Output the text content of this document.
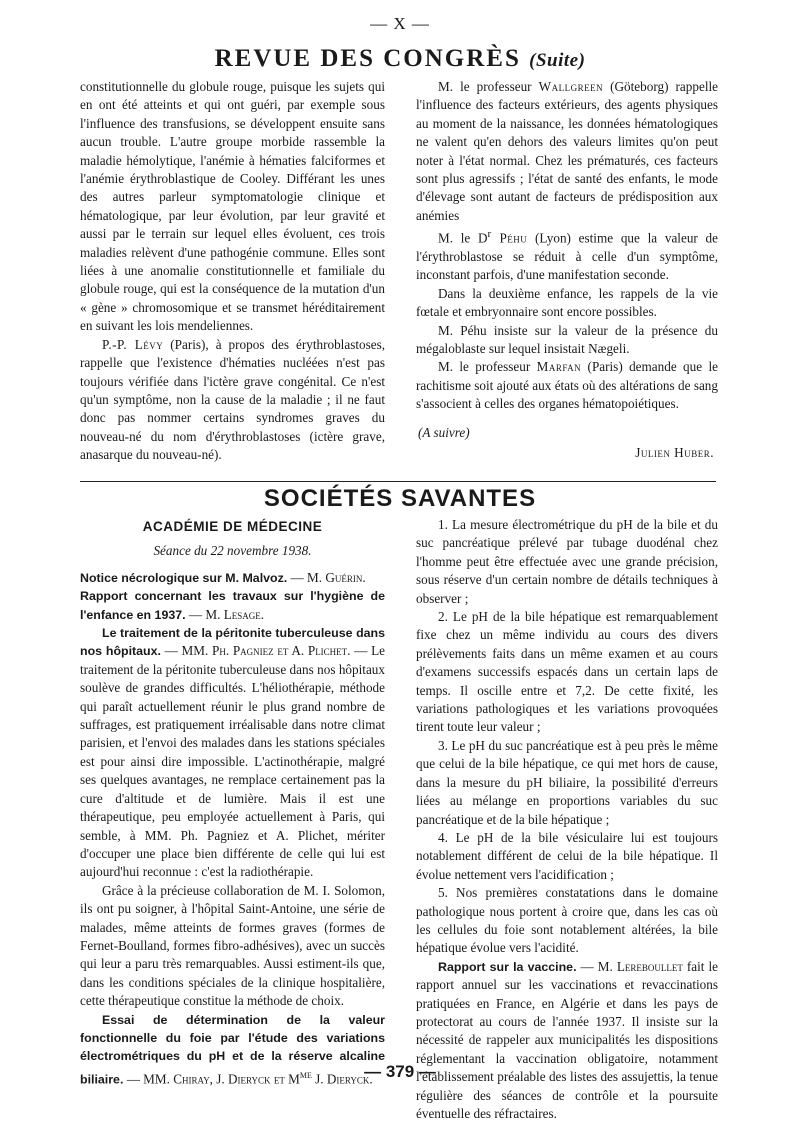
— X —
REVUE DES CONGRÈS (Suite)

constitutionnelle du globule rouge, puisque les sujets qui en ont été atteints et qui ont guéri, par exemple sous l'influence des transfusions, se développent ensuite sans aucun trouble. L'autre groupe morbide rassemble la maladie hémolytique, l'anémie à hématies falciformes et l'anémie érythroblastique de Cooley. Différant les unes des autres parleur symptomatologie clinique et hématologique, par leur évolution, par leur gravité et aussi par le terrain sur lequel elles évoluent, ces trois maladies relèvent d'une pathogénie commune. Elles sont liées à une anomalie constitutionnelle et familiale du globule rouge, qui est la conséquence de la mutation d'un « gène » chromosomique et se transmet héréditairement en suivant les lois mendeliennes.

P.-P. Lévy (Paris), à propos des érythroblastoses, rappelle que l'existence d'hématies nucléées n'est pas toujours vérifiée dans l'ictère grave congénital. Ce n'est qu'un symptôme, non la cause de la maladie ; il ne faut donc pas nommer certains syndromes graves du nouveau-né du nom d'érythroblastoses (ictère grave, anasarque du nouveau-né).

M. le professeur Wallgreen (Göteborg) rappelle l'influence des facteurs extérieurs, des agents physiques au moment de la naissance, les données hématologiques ne valent qu'en dehors des valeurs limites qu'on peut noter à l'état normal. Chez les prématurés, ces facteurs sont plus agressifs ; l'état de santé des enfants, le mode d'élevage sont autant de facteurs de prédisposition aux anémies

M. le $D^r$ Péhu (Lyon) estime que la valeur de l'érythroblastose se réduit à celle d'un symptôme, inconstant parfois, d'une manifestation seconde.

Dans la deuxième enfance, les rappels de la vie fœtale et embryonnaire sont encore possibles.

M. Péhu insiste sur la valeur de la présence du mégaloblaste sur lequel insistait Nægeli.

M. le professeur Marfan (Paris) demande que le rachitisme soit ajouté aux états où des altérations de sang s'associent à celles des organes hématopoiétiques.

(A suivre)
Julien Huber.
SOCIÉTÉS SAVANTES
ACADÉMIE DE MÉDECINE
Séance du 22 novembre 1938.

Notice nécrologique sur M. Malvoz. — M. Guérin.

Rapport concernant les travaux sur l'hygiène de l'enfance en 1937. — M. Lesage.

Le traitement de la péritonite tuberculeuse dans nos hôpitaux. — MM. Ph. Pagniez et A. Plichet. — Le traitement de la péritonite tuberculeuse dans nos hôpitaux soulève de grandes difficultés. L'héliothérapie, méthode qui paraît actuellement réunir le plus grand nombre de suffrages, est pratiquement irréalisable dans notre climat parisien, et l'envoi des malades dans les stations spéciales est pour ainsi dire impossible. L'actinothérapie, malgré ses quelques avantages, ne remplace certainement pas la cure d'altitude et de lumière. Mais il est une thérapeutique, peu employée actuellement à Paris, qui semble, à MM. Ph. Pagniez et A. Plichet, mériter d'occuper une place bien différente de celle qui lui est aujourd'hui reconnue : c'est la radiothérapie.

Grâce à la précieuse collaboration de M. I. Solomon, ils ont pu soigner, à l'hôpital Saint-Antoine, une série de malades, même atteints de formes graves (formes de Fernet-Boulland, formes fibro-adhésives), avec un succès qui leur a paru très remarquables. Aussi estiment-ils que, dans les conditions spéciales de la clinique hospitalière, cette thérapeutique constitue la méthode de choix.

Essai de détermination de la valeur fonctionnelle du foie par l'étude des variations électrométriques du pH et de la réserve alcaline biliaire. — MM. Chiray, J. Dieryck et $M^{me}$ J. Dieryck.

1. La mesure électrométrique du pH de la bile et du suc pancréatique prélevé par tubage duodénal chez l'homme peut être effectuée avec une grande précision, sous réserve d'un certain nombre de détails techniques à observer ;

2. Le pH de la bile hépatique est remarquablement fixe chez un même individu au cours des divers prélèvements faits dans un même examen et au cours d'examens successifs espacés dans un certain laps de temps. Il oscille entre et 7,2. De cette fixité, les variations pathologiques et les variations provoquées tirent toute leur valeur ;

3. Le pH du suc pancréatique est à peu près le même que celui de la bile hépatique, ce qui met hors de cause, dans la mesure du pH biliaire, la possibilité d'erreurs liées au mélange en proportions variables du suc pancréatique et de la bile hépatique ;

4. Le pH de la bile vésiculaire lui est toujours notablement différent de celui de la bile hépatique. Il évolue nettement vers l'acidification ;

5. Nos premières constatations dans le domaine pathologique nous portent à croire que, dans les cas où les cellules du foie sont notablement altérées, la bile hépatique évolue vers l'acidité.

Rapport sur la vaccine. — M. Lereboullet fait le rapport annuel sur les vaccinations et revaccinations pratiquées en France, en Algérie et dans les pays de protectorat au cours de l'année 1937. Il insiste sur la nécessité de rappeler aux municipalités les dispositions réglementant la vaccination obligatoire, notamment l'établissement préalable des listes des assujettis, la tenue régulière des séances de contrôle et la poursuite éventuelle des réfractaires.

— 379 —
